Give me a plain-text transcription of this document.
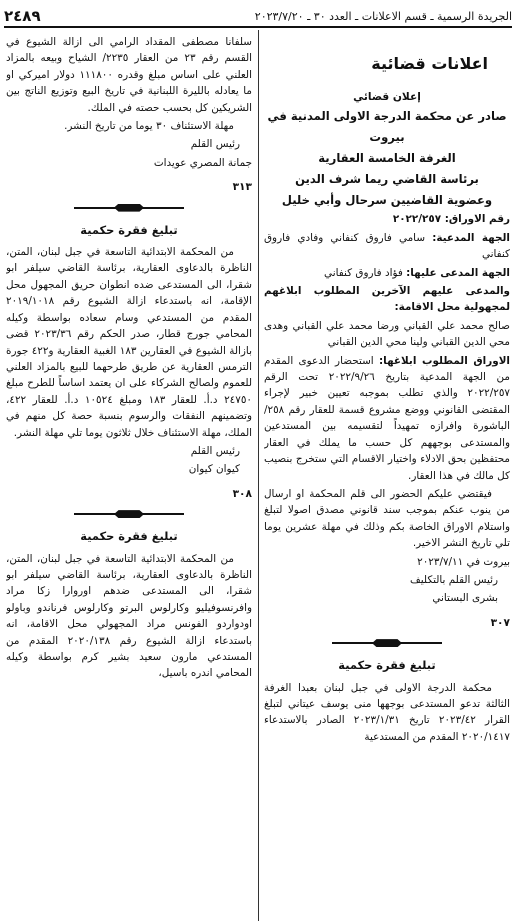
الجريدة الرسمية ـ قسم الاعلانات ـ العدد ٣٠ ـ ٢٠٢٣/٧/٢٠
٢٤٨٩
اعلانات قضائية
إعلان قضائي
صادر عن محكمة الدرجة الاولى المدنية في بيروت
الغرفة الخامسة العقارية
برئاسة القاضي ريما شرف الدين
وعضوية القاضيين سرحال وأبي خليل

رقم الاوراق: ٢٠٢٢/٢٥٧

الجهة المدعية: سامي فاروق كنفاني وفادي فاروق كنفاني

الجهة المدعى عليها: فؤاد فاروق كنفاني

والمدعى عليهم الآخرين المطلوب ابلاغهم لمجهولية محل الاقامة:

صالح محمد علي القباني ورضا محمد علي القباني وهدى محي الدين القباني ولينا محي الدين القباني

الاوراق المطلوب ابلاغها: استحضار الدعوى المقدم من الجهة المدعية بتاريخ ٢٠٢٢/٩/٢٦ تحت الرقم ٢٠٢٢/٢٥٧ والذي تطلب بموجبه تعيين خبير لإجراء المقتضى القانوني ووضع مشروع قسمة للعقار رقم ٢٥٨/ الباشورة وافرازه تمهيداً لتقسيمه بين المستدعين والمستدعى بوجههم كل حسب ما يملك في العقار محتفظين بحق الادلاء واختيار الاقسام التي ستخرج بنصيب كل مالك في هذا العقار.

فيقتضي عليكم الحضور الى قلم المحكمة او ارسال من ينوب عنكم بموجب سند قانوني مصدق اصولا لتبلغ واستلام الاوراق الخاصة بكم وذلك في مهلة عشرين يوما تلي تاريخ النشر الاخير.

بيروت في ٢٠٢٣/٧/١١

رئيس القلم بالتكليف

بشرى البستاني

٣٠٧
تبليغ فقرة حكمية

محكمة الدرجة الاولى في جبل لبنان بعبدا الغرفة الثالثة تدعو المستدعى بوجهها منى يوسف عيتاني لتبلغ القرار ٢٠٢٣/٤٢ تاريخ ٢٠٢٣/١/٣١ الصادر بالاستدعاء ٢٠٢٠/١٤١٧ المقدم من المستدعية

سلفانا مصطفى المقداد الرامي الى ازالة الشيوع في القسم رقم ٢٣ من العقار ٢٢٣٥/ الشياح وبيعه بالمزاد العلني على اساس مبلغ وقدره ١١١٨٠٠ دولار اميركي او ما يعادله بالليرة اللبنانية في تاريخ البيع وتوزيع الناتج بين الشريكين كل بحسب حصته في الملك.

مهلة الاستئناف ٣٠ يوما من تاريخ النشر.

رئيس القلم

جمانة المصري عويدات

٣١٣
تبليغ فقرة حكمية

من المحكمة الابتدائية التاسعة في جبل لبنان، المتن، الناظرة بالدعاوى العقارية، برئاسة القاضي سيلفر ابو شقرا، الى المستدعى ضده انطوان حريق المجهول محل الإقامة، انه باستدعاء ازالة الشيوع رقم ٢٠١٩/١٠١٨ المقدم من المستدعي وسام سعاده بواسطة وكيله المحامي جورج قطار، صدر الحكم رقم ٢٠٢٣/٣٦ قضى بازالة الشيوع في العقارين ١٨٣ الغبية العقارية و٤٢٢ جورة الترمس العقارية عن طريق طرحهما للبيع بالمزاد العلني للعموم ولصالح الشركاء على ان يعتمد اساساً للطرح مبلغ ٢٤٧٥٠ د.أ. للعقار ١٨٣ ومبلغ ١٠٥٢٤ د.أ. للعقار ٤٢٢، وتضمينهم النفقات والرسوم بنسبة حصة كل منهم في الملك، مهلة الاستئناف خلال ثلاثون يوما تلي مهلة النشر.

رئيس القلم

كيوان كيوان

٣٠٨
تبليغ فقرة حكمية

من المحكمة الابتدائية التاسعة في جبل لبنان، المتن، الناظرة بالدعاوى العقارية، برئاسة القاضي سيلفر ابو شقرا، الى المستدعى ضدهم اوروارا زكا مراد وافرنسوفيليو وكارلوس البرتو وكارلوس فرناندو وباولو اودواردو الفونس مراد المجهولي محل الاقامة، انه باستدعاء ازالة الشيوع رقم ٢٠٢٠/١٣٨ المقدم من المستدعي مارون سعيد بشير كرم بواسطة وكيله المحامي اندره باسيل،
